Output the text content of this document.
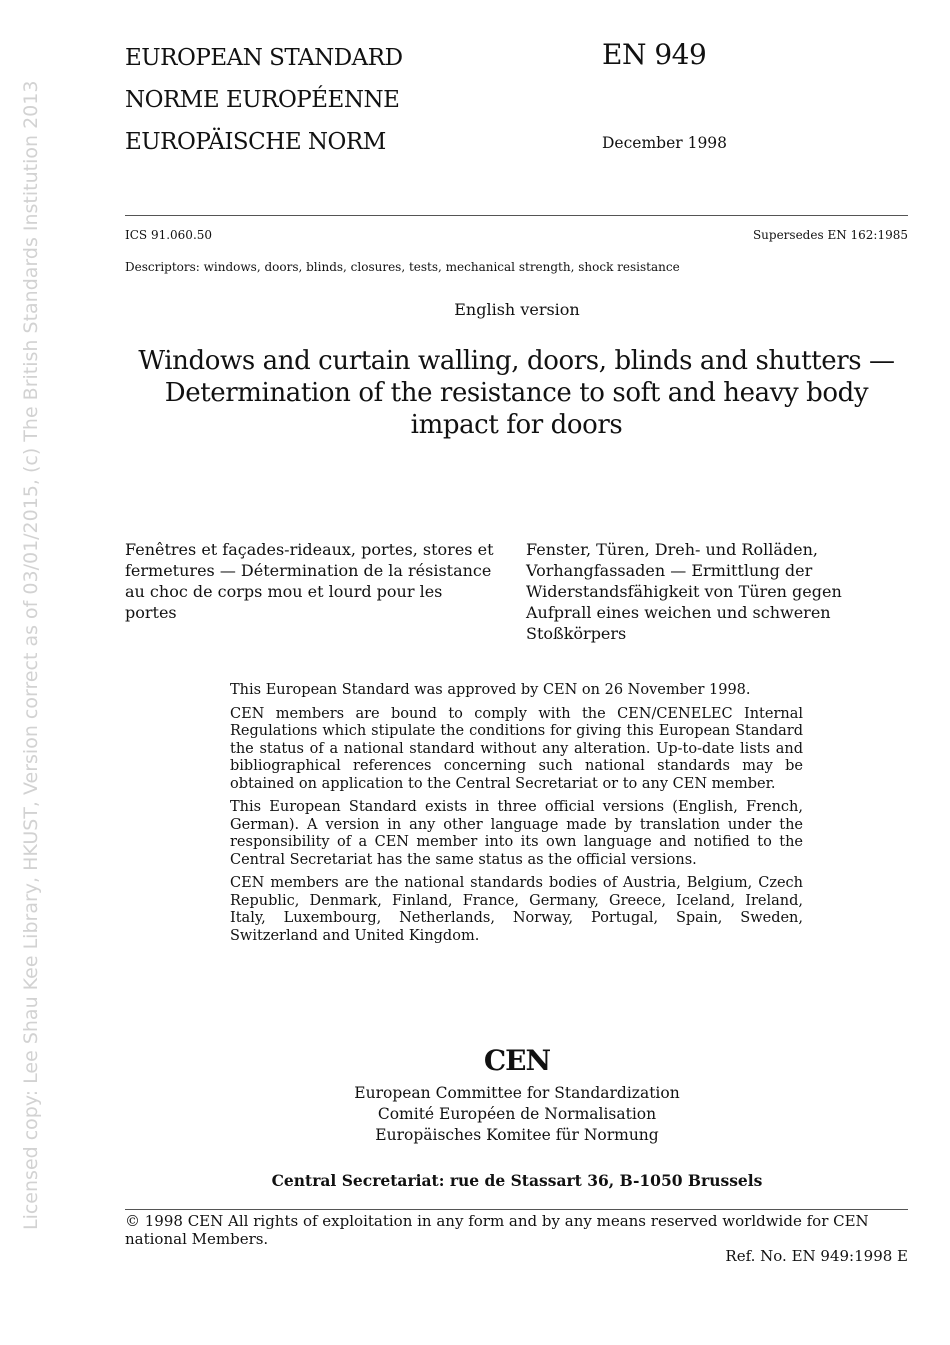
EUROPEAN STANDARD
NORME EUROPÉENNE
EUROPÄISCHE NORM
EN 949
December 1998
ICS 91.060.50	Supersedes EN 162:1985
Descriptors: windows, doors, blinds, closures, tests, mechanical strength, shock resistance
English version
Windows and curtain walling, doors, blinds and shutters — Determination of the resistance to soft and heavy body impact for doors
Fenêtres et façades-rideaux, portes, stores et fermetures — Détermination de la résistance au choc de corps mou et lourd pour les portes
Fenster, Türen, Dreh- und Rolläden, Vorhangfassaden — Ermittlung der Widerstandsfähigkeit von Türen gegen Aufprall eines weichen und schweren Stoßkörpers

This European Standard was approved by CEN on 26 November 1998.

CEN members are bound to comply with the CEN/CENELEC Internal Regulations which stipulate the conditions for giving this European Standard the status of a national standard without any alteration. Up-to-date lists and bibliographical references concerning such national standards may be obtained on application to the Central Secretariat or to any CEN member.

This European Standard exists in three official versions (English, French, German). A version in any other language made by translation under the responsibility of a CEN member into its own language and notified to the Central Secretariat has the same status as the official versions.

CEN members are the national standards bodies of Austria, Belgium, Czech Republic, Denmark, Finland, France, Germany, Greece, Iceland, Ireland, Italy, Luxembourg, Netherlands, Norway, Portugal, Spain, Sweden, Switzerland and United Kingdom.

CEN
European Committee for Standardization
Comité Européen de Normalisation
Europäisches Komitee für Normung
Central Secretariat: rue de Stassart 36, B-1050 Brussels
© 1998 CEN All rights of exploitation in any form and by any means reserved worldwide for CEN national Members.
Ref. No. EN 949:1998 E
Licensed copy: Lee Shau Kee Library, HKUST, Version correct as of 03/01/2015, (c) The British Standards Institution 2013
